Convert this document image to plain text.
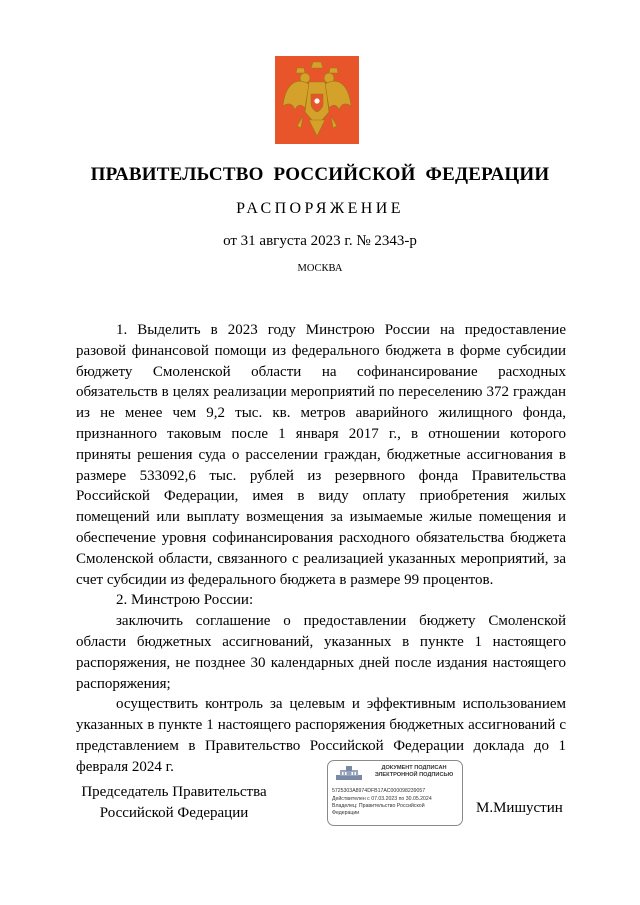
ПРАВИТЕЛЬСТВО РОССИЙСКОЙ ФЕДЕРАЦИИ
РАСПОРЯЖЕНИЕ
от 31 августа 2023 г. № 2343-р
МОСКВА

1. Выделить в 2023 году Минстрою России на предоставление разовой финансовой помощи из федерального бюджета в форме субсидии бюджету Смоленской области на софинансирование расходных обязательств в целях реализации мероприятий по переселению 372 граждан из не менее чем 9,2 тыс. кв. метров аварийного жилищного фонда, признанного таковым после 1 января 2017 г., в отношении которого приняты решения суда о расселении граждан, бюджетные ассигнования в размере 533092,6 тыс. рублей из резервного фонда Правительства Российской Федерации, имея в виду оплату приобретения жилых помещений или выплату возмещения за изымаемые жилые помещения и обеспечение уровня софинансирования расходного обязательства бюджета Смоленской области, связанного с реализацией указанных мероприятий, за счет субсидии из федерального бюджета в размере 99 процентов.

2. Минстрою России:

заключить соглашение о предоставлении бюджету Смоленской области бюджетных ассигнований, указанных в пункте 1 настоящего распоряжения, не позднее 30 календарных дней после издания настоящего распоряжения;

осуществить контроль за целевым и эффективным использованием указанных в пункте 1 настоящего распоряжения бюджетных ассигнований с представлением в Правительство Российской Федерации доклада до 1 февраля 2024 г.

Председатель Правительства
Российской Федерации
ДОКУМЕНТ ПОДПИСАН
ЭЛЕКТРОННОЙ ПОДПИСЬЮ
5725303A8974DFB17AC000098239057
Действителен с 07.03.2023 по 30.05.2024
Владелец: Правительство Российской
Федерации	М.Мишустин
